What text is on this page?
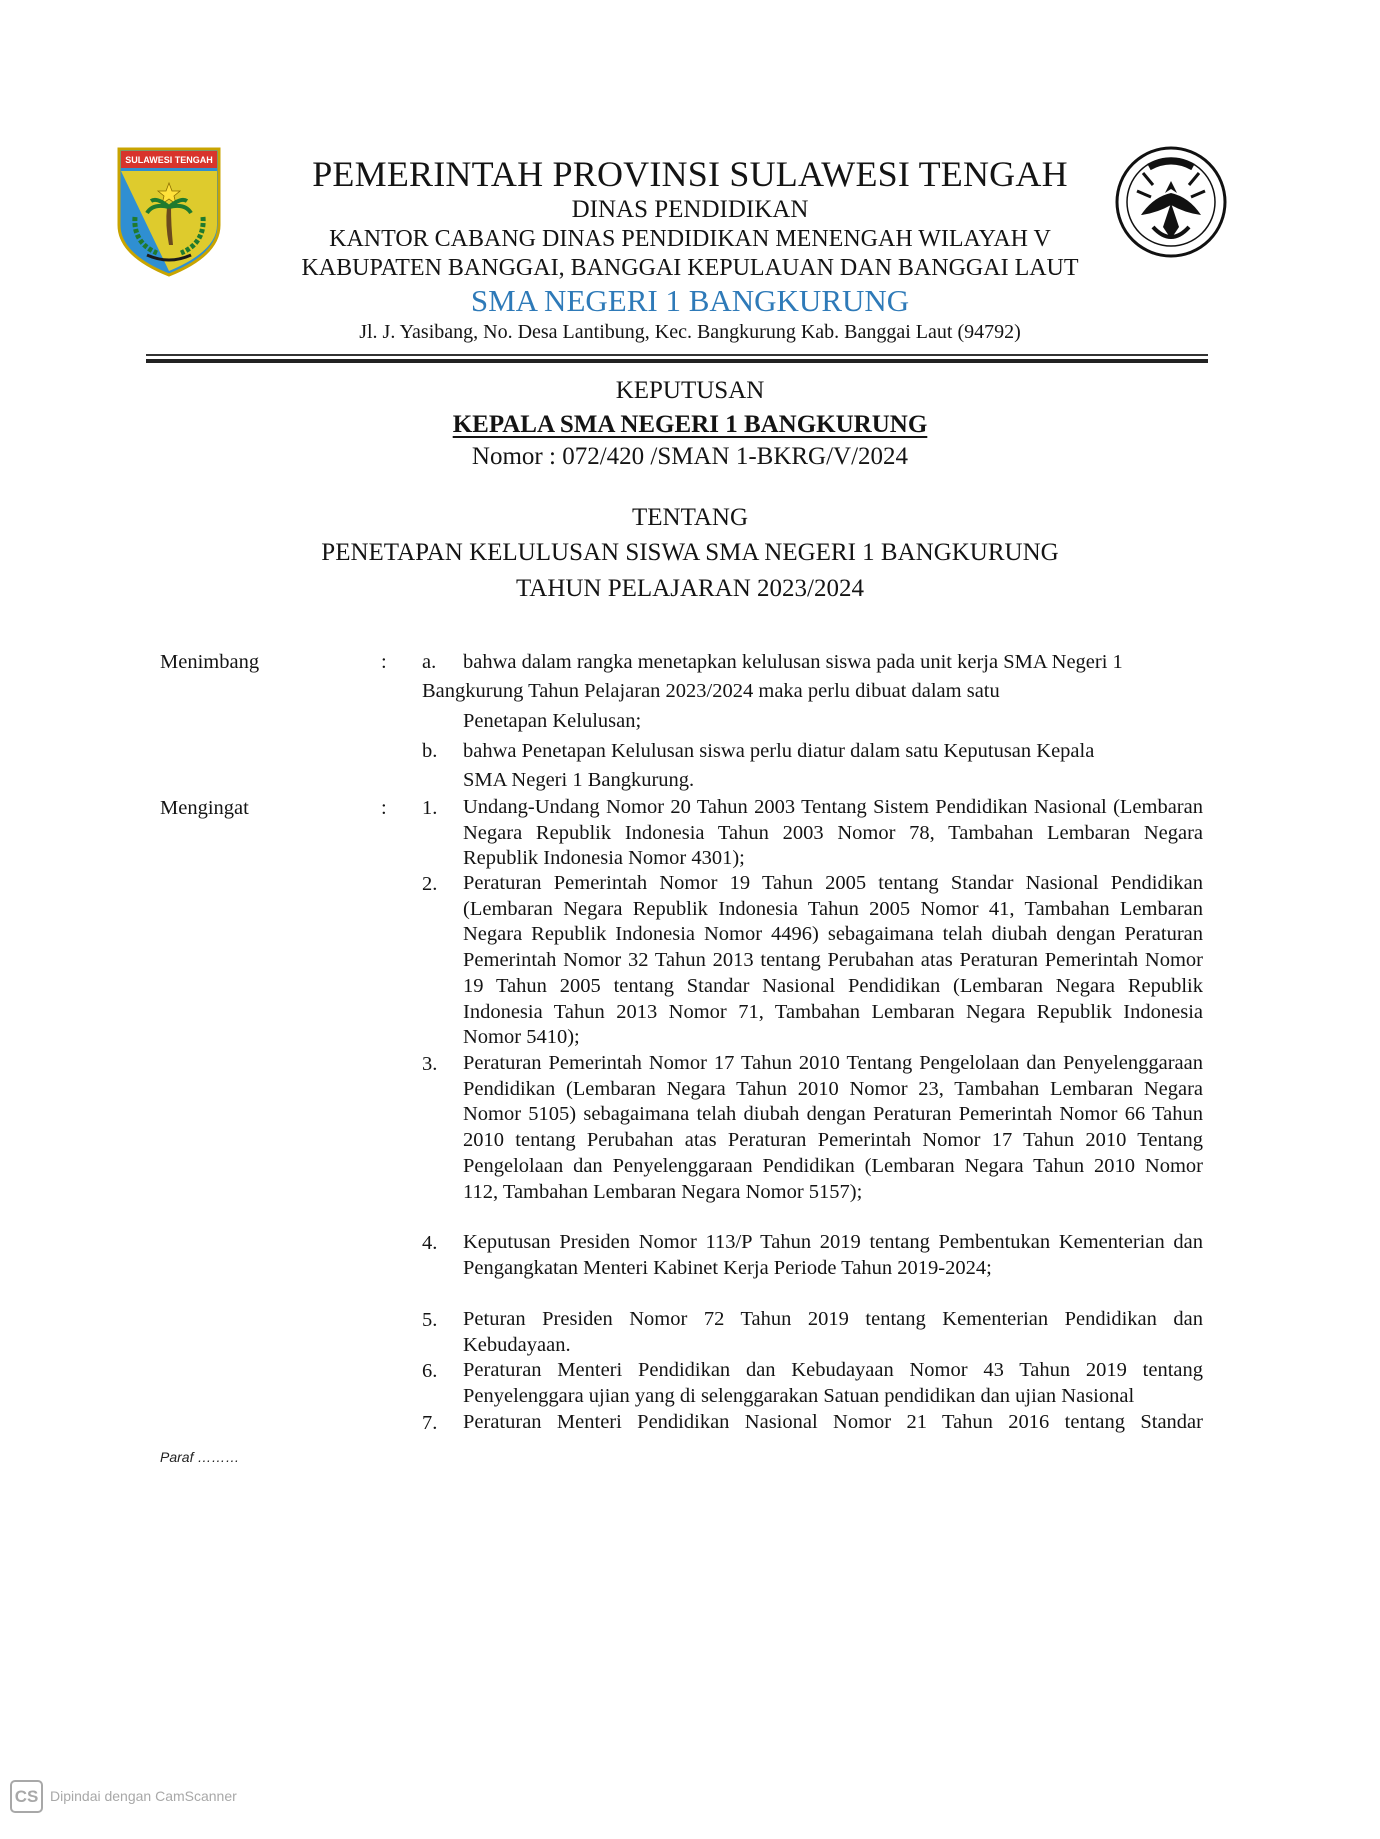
SULAWESI TENGAH	PEMERINTAH PROVINSI SULAWESI TENGAH
DINAS PENDIDIKAN
KANTOR CABANG DINAS PENDIDIKAN MENENGAH WILAYAH V
KABUPATEN BANGGAI, BANGGAI KEPULAUAN DAN BANGGAI LAUT
SMA NEGERI 1 BANGKURUNG
Jl. J. Yasibang, No. Desa Lantibung, Kec. Bangkurung Kab. Banggai Laut (94792)
KEPUTUSAN
KEPALA SMA NEGERI 1 BANGKURUNG
Nomor : 072/420 /SMAN 1-BKRG/V/2024
TENTANG
PENETAPAN KELULUSAN SISWA SMA NEGERI 1 BANGKURUNG
TAHUN PELAJARAN 2023/2024
Menimbang	: a. bahwa dalam rangka menetapkan kelulusan siswa pada unit kerja SMA Negeri 1
Bangkurung Tahun Pelajaran 2023/2024 maka perlu dibuat dalam satu
Penetapan Kelulusan;
b. bahwa Penetapan Kelulusan siswa perlu diatur dalam satu Keputusan Kepala
SMA Negeri 1 Bangkurung.
Mengingat	: 1. Undang-Undang Nomor 20 Tahun 2003 Tentang Sistem Pendidikan Nasional (Lembaran Negara Republik Indonesia Tahun 2003 Nomor 78, Tambahan Lembaran Negara Republik Indonesia Nomor 4301);
2. Peraturan Pemerintah Nomor 19 Tahun 2005 tentang Standar Nasional Pendidikan (Lembaran Negara Republik Indonesia Tahun 2005 Nomor 41, Tambahan Lembaran Negara Republik Indonesia Nomor 4496) sebagaimana telah diubah dengan Peraturan Pemerintah Nomor 32 Tahun 2013 tentang Perubahan atas Peraturan Pemerintah Nomor 19 Tahun 2005 tentang Standar Nasional Pendidikan (Lembaran Negara Republik Indonesia Tahun 2013 Nomor 71, Tambahan Lembaran Negara Republik Indonesia Nomor 5410);
3. Peraturan Pemerintah Nomor 17 Tahun 2010 Tentang Pengelolaan dan Penyelenggaraan Pendidikan (Lembaran Negara Tahun 2010 Nomor 23, Tambahan Lembaran Negara Nomor 5105) sebagaimana telah diubah dengan Peraturan Pemerintah Nomor 66 Tahun 2010 tentang Perubahan atas Peraturan Pemerintah Nomor 17 Tahun 2010 Tentang Pengelolaan dan Penyelenggaraan Pendidikan (Lembaran Negara Tahun 2010 Nomor 112, Tambahan Lembaran Negara Nomor 5157);
4. Keputusan Presiden Nomor 113/P Tahun 2019 tentang Pembentukan Kementerian dan Pengangkatan Menteri Kabinet Kerja Periode Tahun 2019-2024;
5. Peturan Presiden Nomor 72 Tahun 2019 tentang Kementerian Pendidikan dan Kebudayaan.
6. Peraturan Menteri Pendidikan dan Kebudayaan Nomor 43 Tahun 2019 tentang Penyelenggara ujian yang di selenggarakan Satuan pendidikan dan ujian Nasional
7. Peraturan Menteri Pendidikan Nasional Nomor 21 Tahun 2016 tentang Standar
Paraf ………
CS Dipindai dengan CamScanner
